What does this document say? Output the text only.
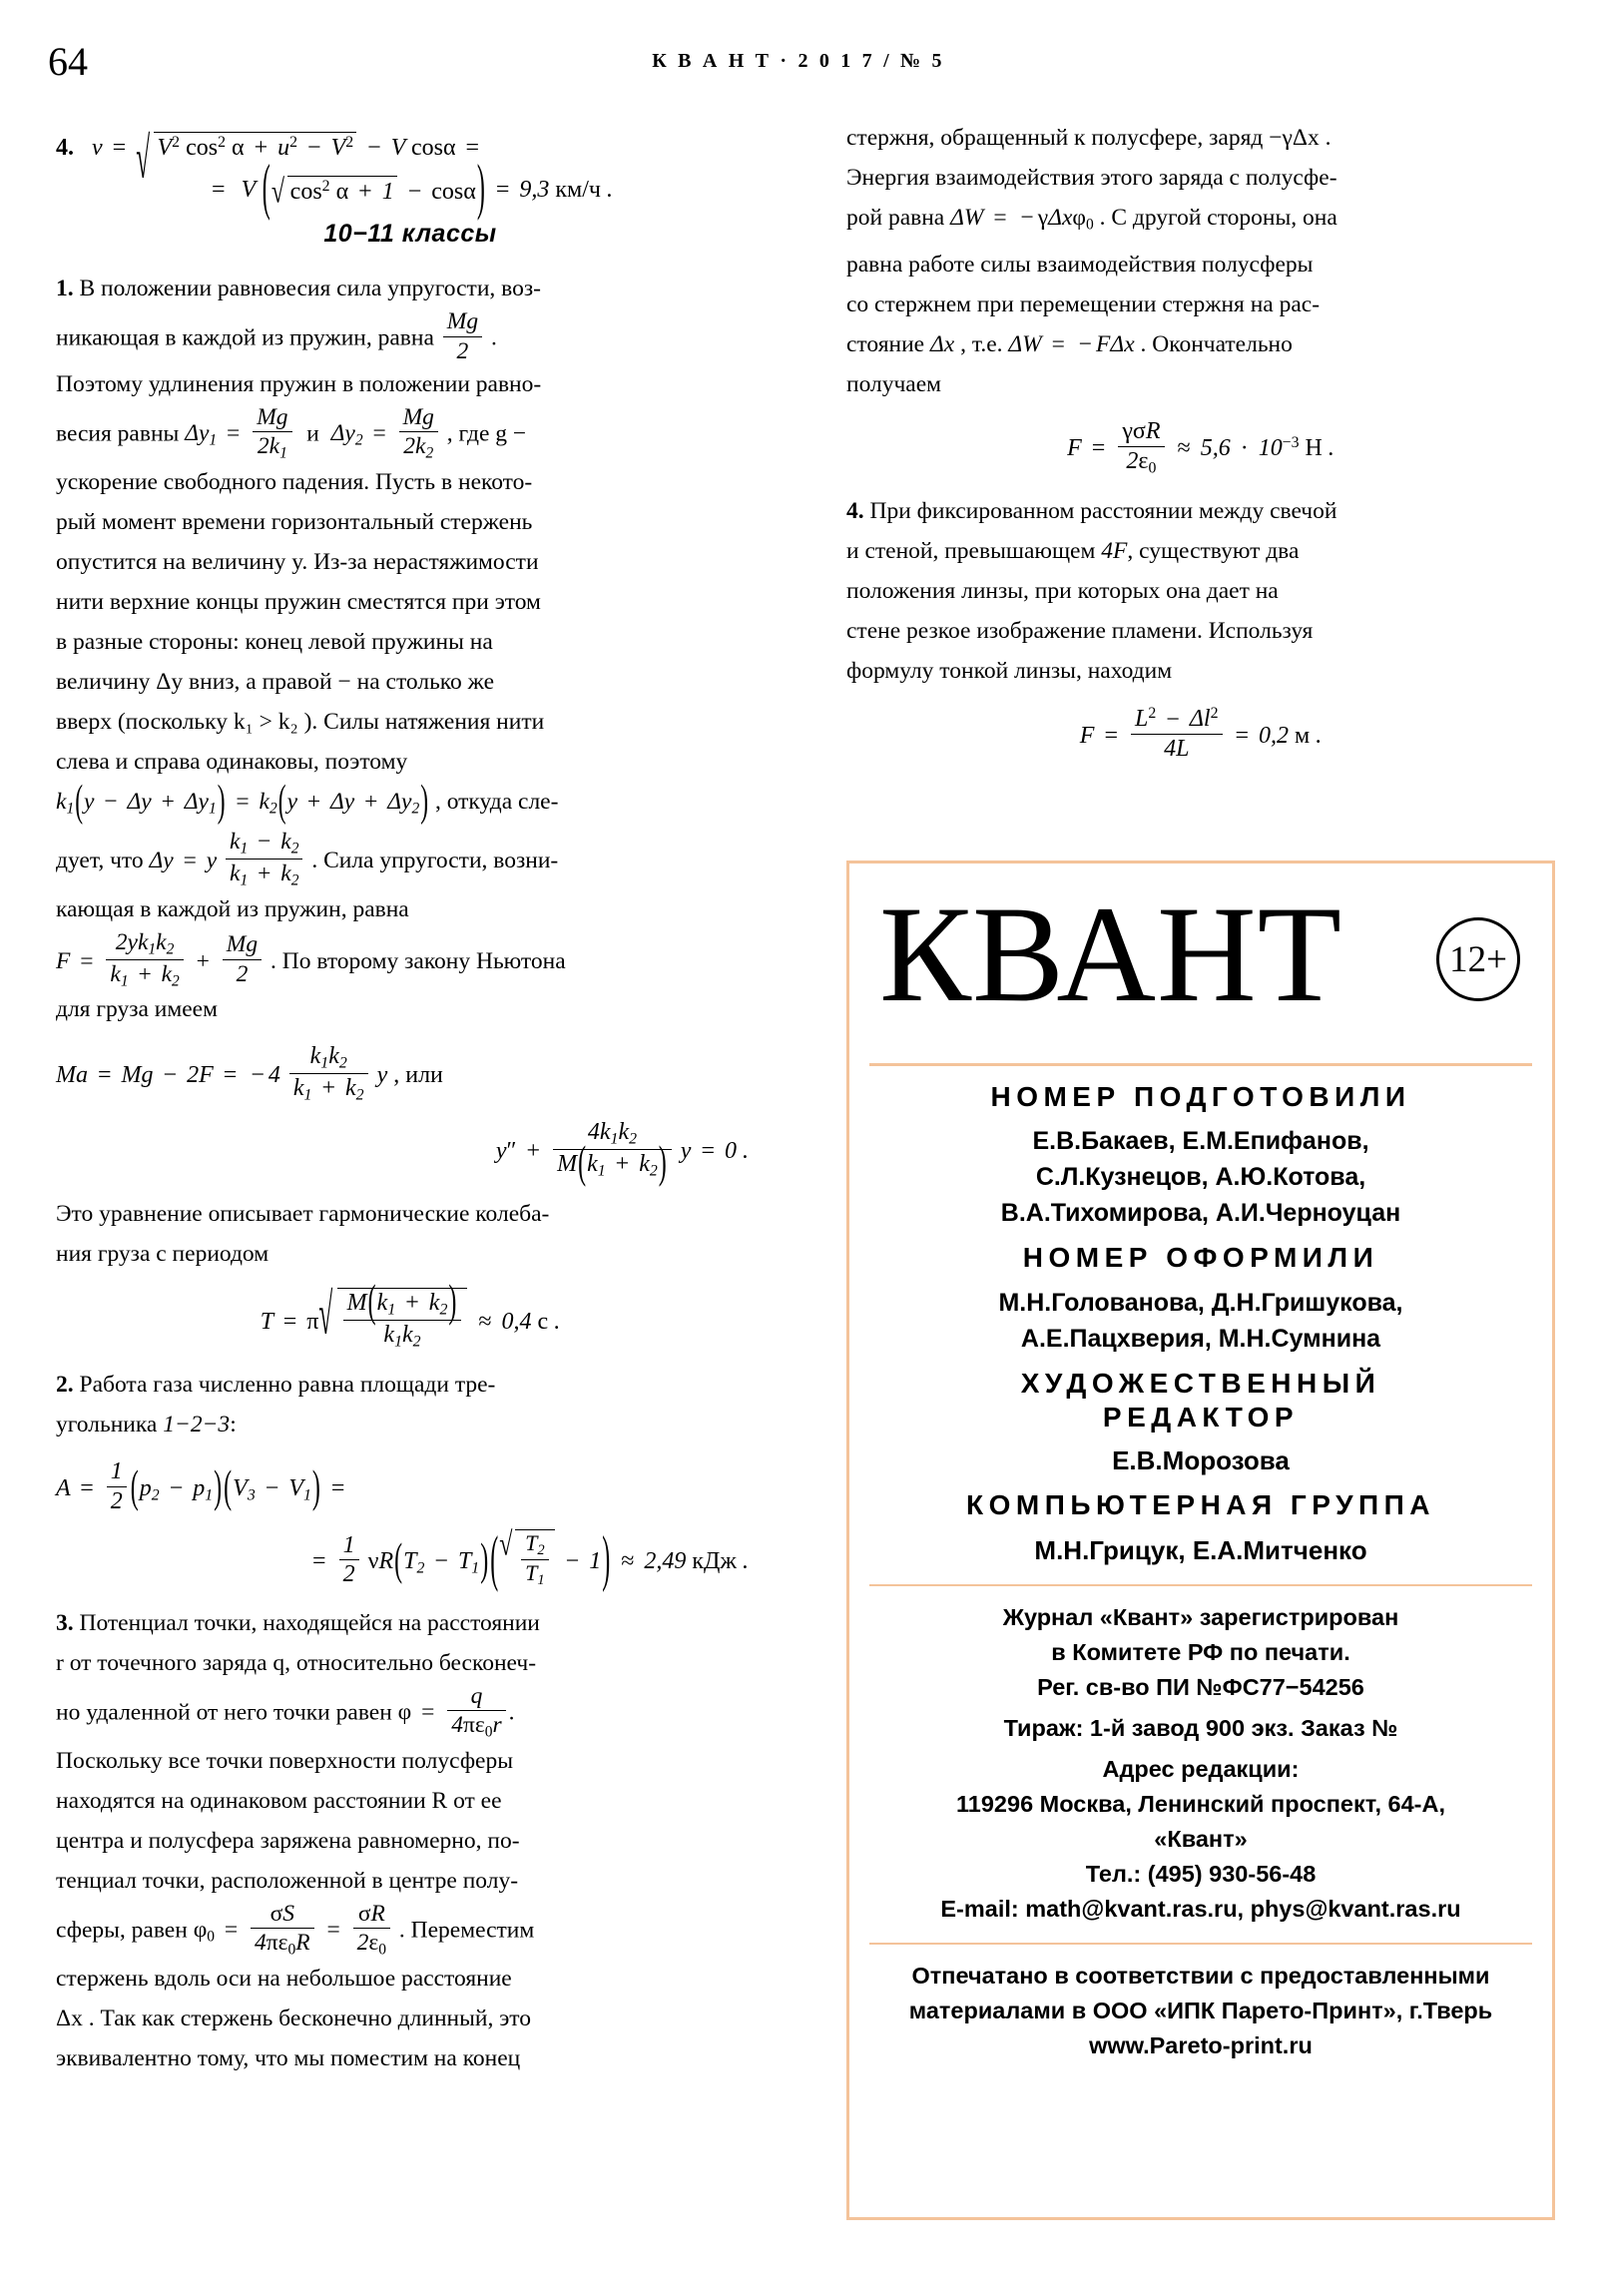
64	К В А Н Т · 2 0 1 7 / № 5
4. v = √ $V^2$ $\cos^2 \alpha + u^2 - V^2 - V$ cosα =
=  V ( √ $\cos^2 \alpha + 1 - \cos\alpha) = 9,3$ км/ч .
10−11 классы

1. В положении равновесия сила упругости, воз-

никающая в каждой из пружин, равна $\frac{Mg}{2}$ .

Поэтому удлинения пружин в положении равно-

весия равны $\Delta y_1 = \frac{Mg}{2k_1}$ и $\Delta y_2 = \frac{Mg}{2k_2}$ , где g −

ускорение свободного падения. Пусть в некото-

рый момент времени горизонтальный стержень

опустится на величину y. Из-за нерастяжимости

нити верхние концы пружин сместятся при этом

в разные стороны: конец левой пружины на

величину Δy вниз, а правой − на столько же

вверх (поскольку k₁ > k₂ ). Силы натяжения нити

слева и справа одинаковы, поэтому

$k_1(y - \Delta y + \Delta y_1) = k_2(y + \Delta y + \Delta y_2)$ , откуда сле-

дует, что Δy = y $\frac{k_1 - k_2}{k_1 + k_2}$ . Сила упругости, возни-

кающая в каждой из пружин, равна

$F = \frac{2yk_1k_2}{k_1 + k_2} + \frac{Mg}{2}$ . По второму закону Ньютона

для груза имеем

Ma = Mg − 2F = − $4 \frac{k_1k_2}{k_1 + k_2}$ y , или
$y'' + \frac{4k_1k_2}{M(k_1 + k_2)}$ y = 0 .

Это уравнение описывает гармонические колеба-

ния груза с периодом

T = π √ $\frac{M(k_1 + k_2)}{k_1k_2} \approx 0,4$ с .

2. Работа газа численно равна площади тре-

угольника 1−2−3:

$A = \frac{1}{2} (p_2 - p_1)(V_3 - V_1)$ =
= $\frac{1}{2} \nu R(T_2 - T_1)$( √ $\frac{T_2}{T_1} - 1) \approx 2,49$ кДж .

3. Потенциал точки, находящейся на расстоянии

r от точечного заряда q, относительно бесконеч-

но удаленной от него точки равен $\varphi = \frac{q}{4\pi\varepsilon_0r}$ .

Поскольку все точки поверхности полусферы

находятся на одинаковом расстоянии R от ее

центра и полусфера заряжена равномерно, по-

тенциал точки, расположенной в центре полу-

сферы, равен $\varphi_0 = \frac{\sigma S}{4\pi\varepsilon_0R} = \frac{\sigma R}{2\varepsilon_0}$ . Переместим

стержень вдоль оси на небольшое расстояние

Δx . Так как стержень бесконечно длинный, это

эквивалентно тому, что мы поместим на конец

стержня, обращенный к полусфере, заряд −γΔx .

Энергия взаимодействия этого заряда с полусфе-

рой равна ΔW = − γΔxφ$_0$ . С другой стороны, она

равна работе силы взаимодействия полусферы

со стержнем при перемещении стержня на рас-

стояние Δx , т.е. ΔW = − FΔx . Окончательно

получаем

$F = \frac{\text{γσR}}{2\varepsilon_0} \approx 5,6 \cdot 10^{-3}$ Н .

4. При фиксированном расстоянии между свечой

и стеной, превышающем 4F, существуют два

положения линзы, при которых она дает на

стене резкое изображение пламени. Используя

формулу тонкой линзы, находим

$F = \frac{L^2 - \Delta l^2}{4L} = 0,2$ м .
КВАНТ	12+
НОМЕР ПОДГОТОВИЛИ
Е.В.Бакаев, Е.М.Епифанов,
С.Л.Кузнецов, А.Ю.Котова,
В.А.Тихомирова, А.И.Черноуцан
НОМЕР ОФОРМИЛИ
М.Н.Голованова, Д.Н.Гришукова,
А.Е.Пацхверия, М.Н.Сумнина
ХУДОЖЕСТВЕННЫЙ
РЕДАКТОР
Е.В.Морозова
КОМПЬЮТЕРНАЯ ГРУППА
М.Н.Грицук, Е.А.Митченко
Журнал «Квант» зарегистрирован
в Комитете РФ по печати.
Рег. св-во ПИ №ФС77−54256
Тираж: 1-й завод 900 экз. Заказ №
Адрес редакции:
119296 Москва, Ленинский проспект, 64-А,
«Квант»
Тел.: (495) 930-56-48
E-mail: math@kvant.ras.ru, phys@kvant.ras.ru
Отпечатано в соответствии с предоставленными материалами в ООО «ИПК Парето-Принт», г.Тверь www.Pareto-print.ru
